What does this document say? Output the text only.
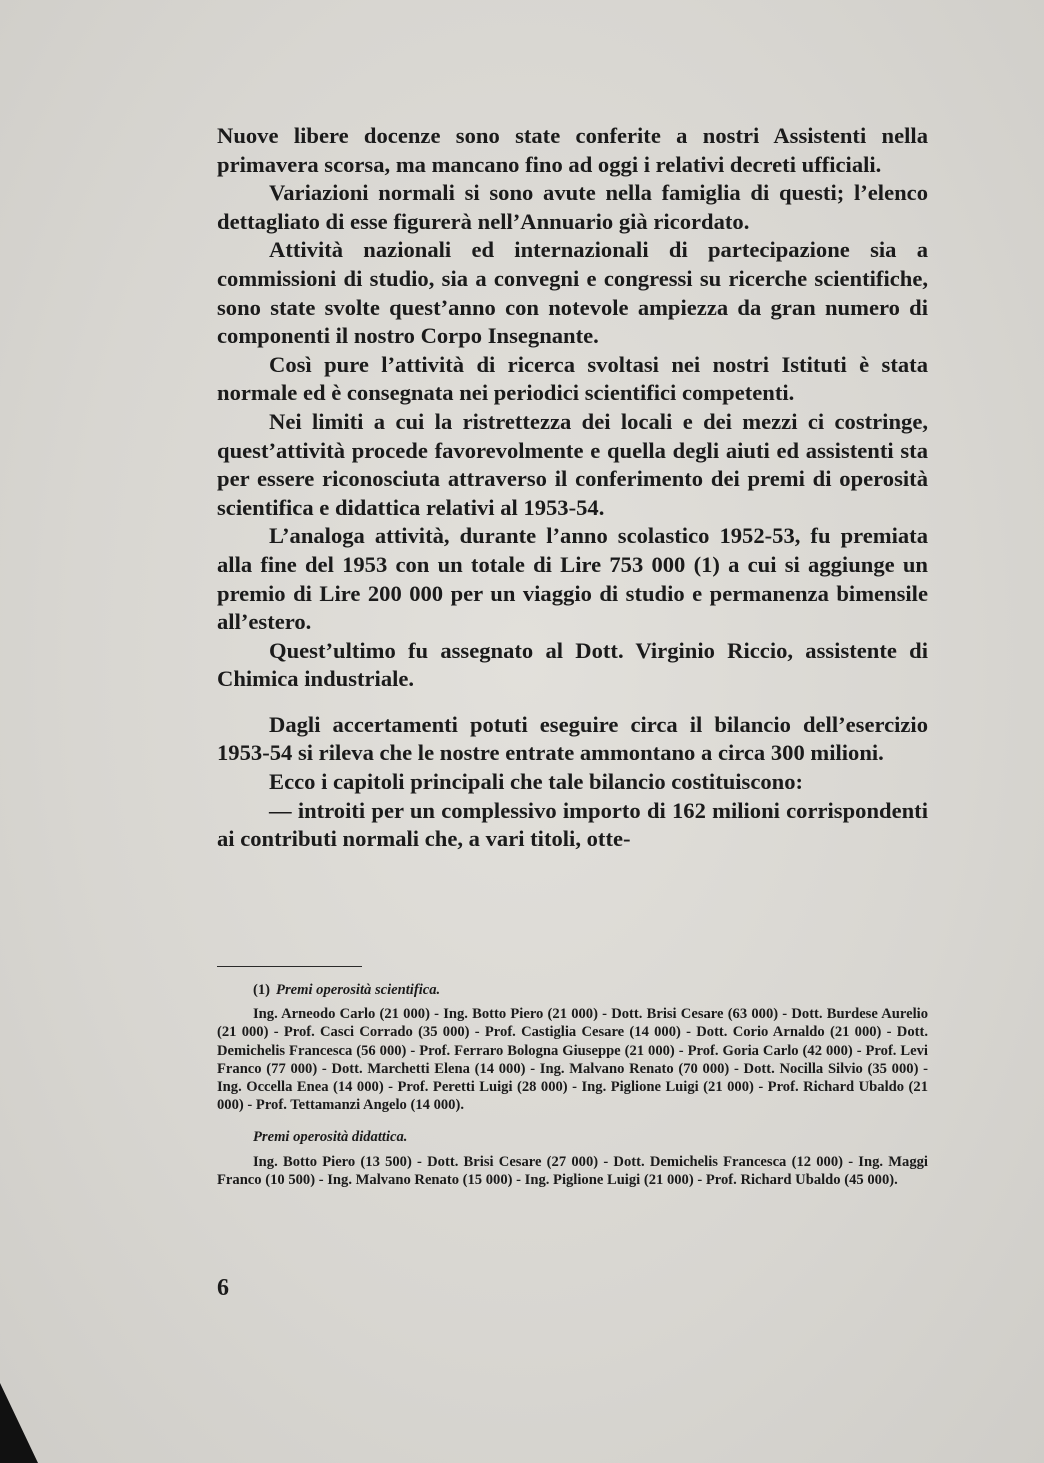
Nuove libere docenze sono state conferite a nostri Assistenti nella primavera scorsa, ma mancano fino ad oggi i relativi decreti ufficiali.

Variazioni normali si sono avute nella famiglia di questi; l’elenco dettagliato di esse figurerà nell’Annuario già ricordato.

Attività nazionali ed internazionali di partecipazione sia a commissioni di studio, sia a convegni e congressi su ricerche scientifiche, sono state svolte quest’anno con notevole ampiezza da gran numero di componenti il nostro Corpo Insegnante.

Così pure l’attività di ricerca svoltasi nei nostri Istituti è stata normale ed è consegnata nei periodici scientifici competenti.

Nei limiti a cui la ristrettezza dei locali e dei mezzi ci costringe, quest’attività procede favorevolmente e quella degli aiuti ed assistenti sta per essere riconosciuta attraverso il conferimento dei premi di operosità scientifica e didattica relativi al 1953-54.

L’analoga attività, durante l’anno scolastico 1952-53, fu premiata alla fine del 1953 con un totale di Lire 753 000 (1) a cui si aggiunge un premio di Lire 200 000 per un viaggio di studio e permanenza bimensile all’estero.

Quest’ultimo fu assegnato al Dott. Virginio Riccio, assistente di Chimica industriale.

Dagli accertamenti potuti eseguire circa il bilancio dell’esercizio 1953-54 si rileva che le nostre entrate ammontano a circa 300 milioni.

Ecco i capitoli principali che tale bilancio costituiscono:

— introiti per un complessivo importo di 162 milioni corrispondenti ai contributi normali che, a vari titoli, otte-

(1) Premi operosità scientifica.

Ing. Arneodo Carlo (21 000) - Ing. Botto Piero (21 000) - Dott. Brisi Cesare (63 000) - Dott. Burdese Aurelio (21 000) - Prof. Casci Corrado (35 000) - Prof. Castiglia Cesare (14 000) - Dott. Corio Arnaldo (21 000) - Dott. Demichelis Francesca (56 000) - Prof. Ferraro Bologna Giuseppe (21 000) - Prof. Goria Carlo (42 000) - Prof. Levi Franco (77 000) - Dott. Marchetti Elena (14 000) - Ing. Malvano Renato (70 000) - Dott. Nocilla Silvio (35 000) - Ing. Occella Enea (14 000) - Prof. Peretti Luigi (28 000) - Ing. Piglione Luigi (21 000) - Prof. Richard Ubaldo (21 000) - Prof. Tettamanzi Angelo (14 000).

Premi operosità didattica.

Ing. Botto Piero (13 500) - Dott. Brisi Cesare (27 000) - Dott. Demichelis Francesca (12 000) - Ing. Maggi Franco (10 500) - Ing. Malvano Renato (15 000) - Ing. Piglione Luigi (21 000) - Prof. Richard Ubaldo (45 000).

6
